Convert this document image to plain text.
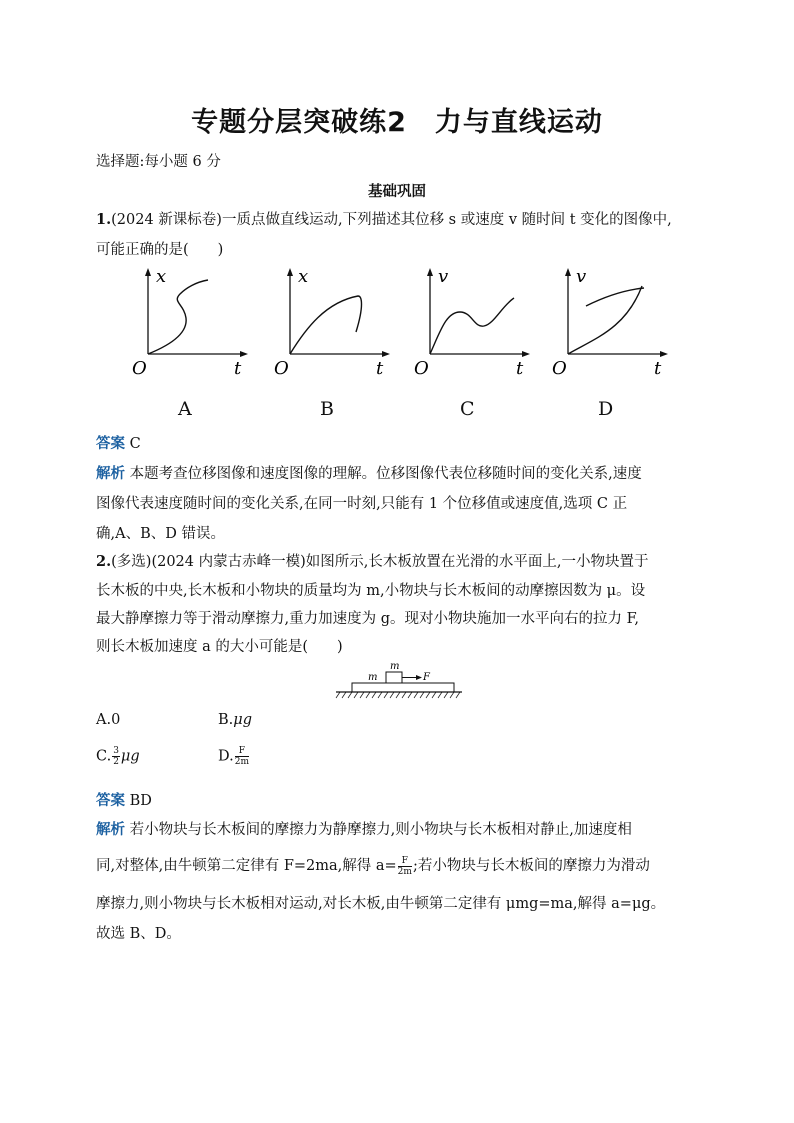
专题分层突破练2　力与直线运动
选择题:每小题 6 分
基础巩固
1.(2024 新课标卷)一质点做直线运动,下列描述其位移 s 或速度 v 随时间 t 变化的图像中,
可能正确的是(　　)
x
O	t
A
x
O	t
B
v
O	t
C
v
O	t
D
答案 C
解析 本题考查位移图像和速度图像的理解。位移图像代表位移随时间的变化关系,速度
图像代表速度随时间的变化关系,在同一时刻,只能有 1 个位移值或速度值,选项 C 正
确,A、B、D 错误。
2.(多选)(2024 内蒙古赤峰一模)如图所示,长木板放置在光滑的水平面上,一小物块置于
长木板的中央,长木板和小物块的质量均为 m,小物块与长木板间的动摩擦因数为 μ。设
最大静摩擦力等于滑动摩擦力,重力加速度为 g。现对小物块施加一水平向右的拉力 F,
则长木板加速度 a 的大小可能是(　　)
m
m	F
A.0	B.μg
C. $\frac{3}{2}$ μg	D. $\frac{F}{2m}$
答案 BD
解析 若小物块与长木板间的摩擦力为静摩擦力,则小物块与长木板相对静止,加速度相
同,对整体,由牛顿第二定律有 F=2ma,解得 $a= \frac{F}{2m}$ ;若小物块与长木板间的摩擦力为滑动
摩擦力,则小物块与长木板相对运动,对长木板,由牛顿第二定律有 μmg=ma,解得 a=μg。
故选 B、D。
